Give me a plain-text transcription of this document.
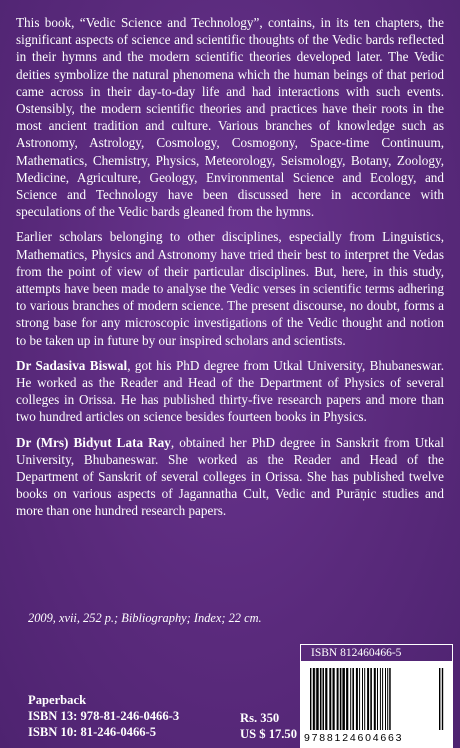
This book, “Vedic Science and Technology”, contains, in its ten chapters, the significant aspects of science and scientific thoughts of the Vedic bards reflected in their hymns and the modern scientific theories developed later. The Vedic deities symbolize the natural phenomena which the human beings of that period came across in their day-to-day life and had interactions with such events. Ostensibly, the modern scientific theories and practices have their roots in the most ancient tradition and culture. Various branches of knowledge such as Astronomy, Astrology, Cosmology, Cosmogony, Space-time Continuum, Mathematics, Chemistry, Physics, Meteorology, Seismology, Botany, Zoology, Medicine, Agriculture, Geology, Environmental Science and Ecology, and Science and Technology have been discussed here in accordance with speculations of the Vedic bards gleaned from the hymns.

Earlier scholars belonging to other disciplines, especially from Linguistics, Mathematics, Physics and Astronomy have tried their best to interpret the Vedas from the point of view of their particular disciplines. But, here, in this study, attempts have been made to analyse the Vedic verses in scientific terms adhering to various branches of modern science. The present discourse, no doubt, forms a strong base for any microscopic investigations of the Vedic thought and notion to be taken up in future by our inspired scholars and scientists.

Dr Sadasiva Biswal, got his PhD degree from Utkal University, Bhubaneswar. He worked as the Reader and Head of the Department of Physics of several colleges in Orissa. He has published thirty-five research papers and more than two hundred articles on science besides fourteen books in Physics.

Dr (Mrs) Bidyut Lata Ray, obtained her PhD degree in Sanskrit from Utkal University, Bhubaneswar. She worked as the Reader and Head of the Department of Sanskrit of several colleges in Orissa. She has published twelve books on various aspects of Jagannatha Cult, Vedic and Purāṇic studies and more than one hundred research papers.

2009, xvii, 252 p.; Bibliography; Index; 22 cm.
ISBN 812460466-5
9788124604663
Paperback
ISBN 13: 978-81-246-0466-3
ISBN 10: 81-246-0466-5
Rs. 350
US $ 17.50
